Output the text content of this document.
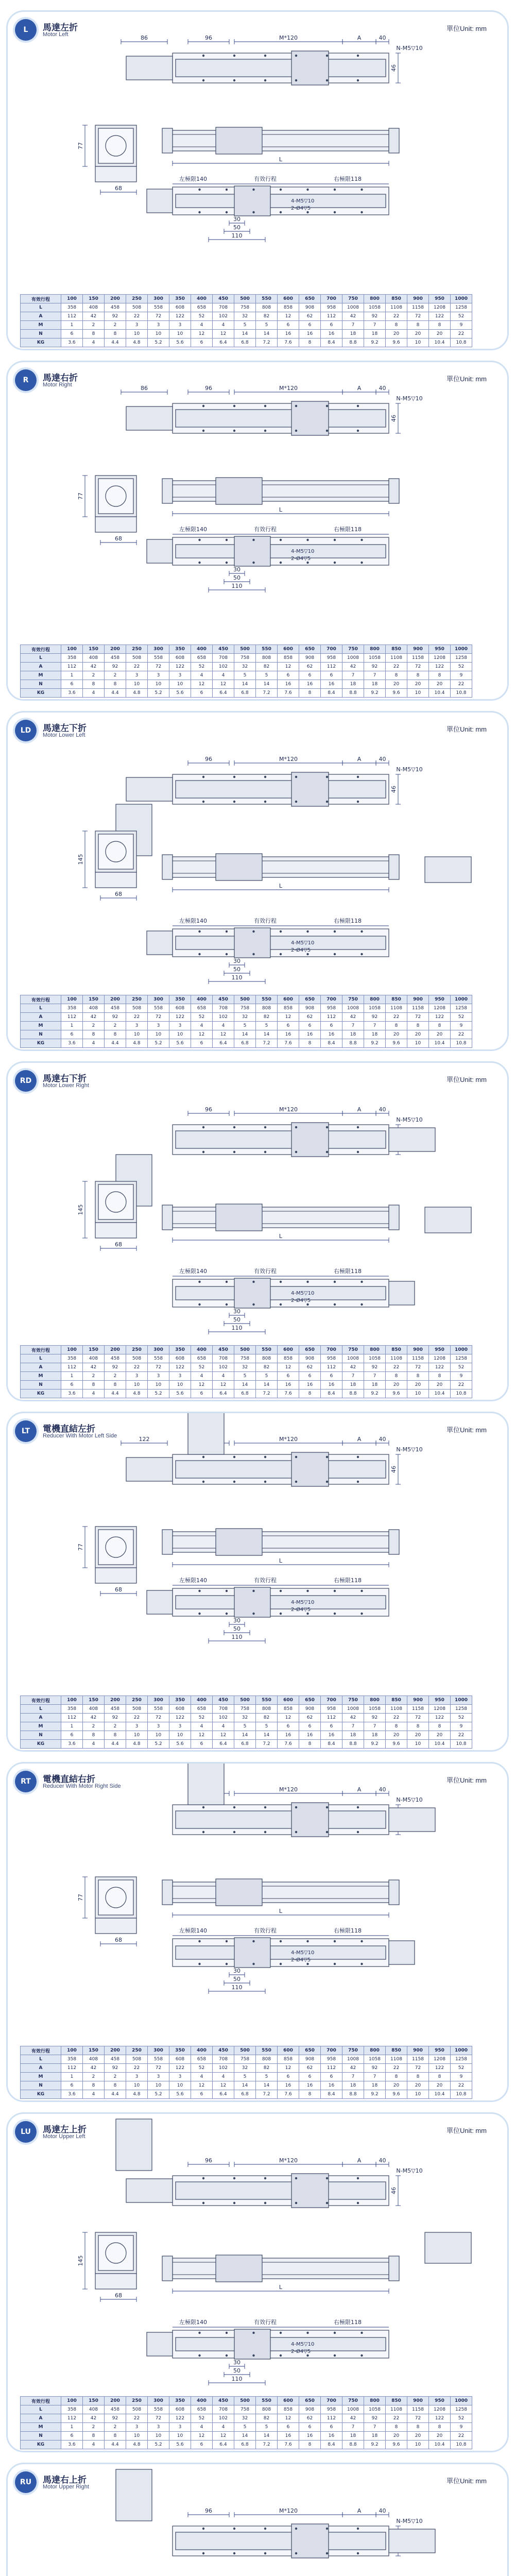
L	馬達左折
Motor Left
單位Unit: mm
96	M*120	A	40
N-M5▽10
46
86
77
68
L
左極限140	有效行程	右極限118
4-M5▽10
2-Ø4▽5
30
50
110
有效行程	100	150	200	250	300	350	400	450	500	550	600	650	700	750	800	850	900	950	1000
L	358	408	458	508	558	608	658	708	758	808	858	908	958	1008	1058	1108	1158	1208	1258
A	112	42	92	22	72	122	52	102	32	82	12	62	112	42	92	22	72	122	52
M	1	2	2	3	3	3	4	4	5	5	6	6	6	7	7	8	8	8	9
N	6	8	8	10	10	10	12	12	14	14	16	16	16	18	18	20	20	20	22
KG	3.6	4	4.4	4.8	5.2	5.6	6	6.4	6.8	7.2	7.6	8	8.4	8.8	9.2	9.6	10	10.4	10.8
R	馬達右折
Motor Right
單位Unit: mm
96	M*120	A	40
N-M5▽10
46
86
77
68
L
左極限140	有效行程	右極限118
4-M5▽10
2-Ø4▽5
30
50
110
有效行程	100	150	200	250	300	350	400	450	500	550	600	650	700	750	800	850	900	950	1000
L	358	408	458	508	558	608	658	708	758	808	858	908	958	1008	1058	1108	1158	1208	1258
A	112	42	92	22	72	122	52	102	32	82	12	62	112	42	92	22	72	122	52
M	1	2	2	3	3	3	4	4	5	5	6	6	6	7	7	8	8	8	9
N	6	8	8	10	10	10	12	12	14	14	16	16	16	18	18	20	20	20	22
KG	3.6	4	4.4	4.8	5.2	5.6	6	6.4	6.8	7.2	7.6	8	8.4	8.8	9.2	9.6	10	10.4	10.8
LD	馬達左下折
Motor Lower Left
單位Unit: mm
96	M*120	A	40
N-M5▽10
46
145
68
L
左極限140	有效行程	右極限118
4-M5▽10
2-Ø4▽5
30
50
110
有效行程	100	150	200	250	300	350	400	450	500	550	600	650	700	750	800	850	900	950	1000
L	358	408	458	508	558	608	658	708	758	808	858	908	958	1008	1058	1108	1158	1208	1258
A	112	42	92	22	72	122	52	102	32	82	12	62	112	42	92	22	72	122	52
M	1	2	2	3	3	3	4	4	5	5	6	6	6	7	7	8	8	8	9
N	6	8	8	10	10	10	12	12	14	14	16	16	16	18	18	20	20	20	22
KG	3.6	4	4.4	4.8	5.2	5.6	6	6.4	6.8	7.2	7.6	8	8.4	8.8	9.2	9.6	10	10.4	10.8
RD	馬達右下折
Motor Lower Right
單位Unit: mm
96	M*120	A	40
N-M5▽10
145
68
L
左極限140	有效行程	右極限118
4-M5▽10
2-Ø4▽5
30
50
110
有效行程	100	150	200	250	300	350	400	450	500	550	600	650	700	750	800	850	900	950	1000
L	358	408	458	508	558	608	658	708	758	808	858	908	958	1008	1058	1108	1158	1208	1258
A	112	42	92	22	72	122	52	102	32	82	12	62	112	42	92	22	72	122	52
M	1	2	2	3	3	3	4	4	5	5	6	6	6	7	7	8	8	8	9
N	6	8	8	10	10	10	12	12	14	14	16	16	16	18	18	20	20	20	22
KG	3.6	4	4.4	4.8	5.2	5.6	6	6.4	6.8	7.2	7.6	8	8.4	8.8	9.2	9.6	10	10.4	10.8
LT	電機直結左折
Reducer With Motor Left Side
單位Unit: mm
M*120	A	40
N-M5▽10
46
122
77
68
L
左極限140	有效行程	右極限118
4-M5▽10
2-Ø4▽5
30
50
110
有效行程	100	150	200	250	300	350	400	450	500	550	600	650	700	750	800	850	900	950	1000
L	358	408	458	508	558	608	658	708	758	808	858	908	958	1008	1058	1108	1158	1208	1258
A	112	42	92	22	72	122	52	102	32	82	12	62	112	42	92	22	72	122	52
M	1	2	2	3	3	3	4	4	5	5	6	6	6	7	7	8	8	8	9
N	6	8	8	10	10	10	12	12	14	14	16	16	16	18	18	20	20	20	22
KG	3.6	4	4.4	4.8	5.2	5.6	6	6.4	6.8	7.2	7.6	8	8.4	8.8	9.2	9.6	10	10.4	10.8
RT	電機直結右折
Reducer With Motor Right Side
單位Unit: mm
M*120	A	40
N-M5▽10
77
68
L
左極限140	有效行程	右極限118
4-M5▽10
2-Ø4▽5
30
50
110
有效行程	100	150	200	250	300	350	400	450	500	550	600	650	700	750	800	850	900	950	1000
L	358	408	458	508	558	608	658	708	758	808	858	908	958	1008	1058	1108	1158	1208	1258
A	112	42	92	22	72	122	52	102	32	82	12	62	112	42	92	22	72	122	52
M	1	2	2	3	3	3	4	4	5	5	6	6	6	7	7	8	8	8	9
N	6	8	8	10	10	10	12	12	14	14	16	16	16	18	18	20	20	20	22
KG	3.6	4	4.4	4.8	5.2	5.6	6	6.4	6.8	7.2	7.6	8	8.4	8.8	9.2	9.6	10	10.4	10.8
LU	馬達左上折
Motor Upper Left
單位Unit: mm
96	M*120	A	40
N-M5▽10
46
145
68
L
左極限140	有效行程	右極限118
4-M5▽10
2-Ø4▽5
30
50
110
有效行程	100	150	200	250	300	350	400	450	500	550	600	650	700	750	800	850	900	950	1000
L	358	408	458	508	558	608	658	708	758	808	858	908	958	1008	1058	1108	1158	1208	1258
A	112	42	92	22	72	122	52	102	32	82	12	62	112	42	92	22	72	122	52
M	1	2	2	3	3	3	4	4	5	5	6	6	6	7	7	8	8	8	9
N	6	8	8	10	10	10	12	12	14	14	16	16	16	18	18	20	20	20	22
KG	3.6	4	4.4	4.8	5.2	5.6	6	6.4	6.8	7.2	7.6	8	8.4	8.8	9.2	9.6	10	10.4	10.8
RU	馬達右上折
Motor Upper Right
單位Unit: mm
96	M*120	A	40
N-M5▽10
